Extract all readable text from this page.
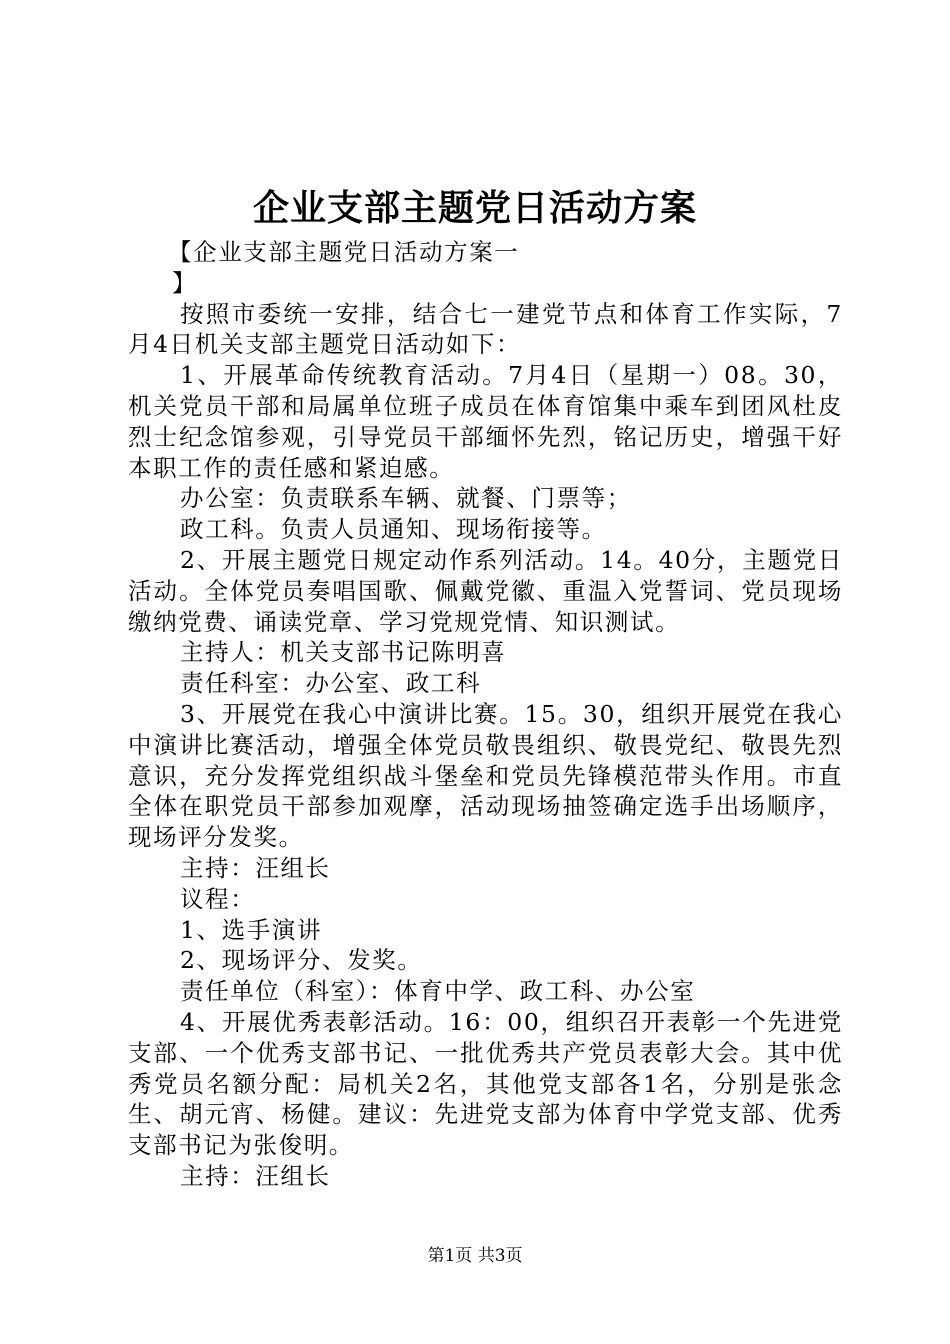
企业支部主题党日活动方案

【企业支部主题党日活动方案一

】

按照市委统一安排，结合七一建党节点和体育工作实际，7月4日机关支部主题党日活动如下：

1、开展革命传统教育活动。7月4日（星期一）08。30，机关党员干部和局属单位班子成员在体育馆集中乘车到团风杜皮烈士纪念馆参观，引导党员干部缅怀先烈，铭记历史，增强干好本职工作的责任感和紧迫感。

办公室：负责联系车辆、就餐、门票等；

政工科。负责人员通知、现场衔接等。

2、开展主题党日规定动作系列活动。14。40分，主题党日活动。全体党员奏唱国歌、佩戴党徽、重温入党誓词、党员现场缴纳党费、诵读党章、学习党规党情、知识测试。

主持人：机关支部书记陈明喜

责任科室：办公室、政工科

3、开展党在我心中演讲比赛。15。30，组织开展党在我心中演讲比赛活动，增强全体党员敬畏组织、敬畏党纪、敬畏先烈意识，充分发挥党组织战斗堡垒和党员先锋模范带头作用。市直全体在职党员干部参加观摩，活动现场抽签确定选手出场顺序，现场评分发奖。

主持：汪组长

议程：

1、选手演讲

2、现场评分、发奖。

责任单位（科室）：体育中学、政工科、办公室

4、开展优秀表彰活动。16：00，组织召开表彰一个先进党支部、一个优秀支部书记、一批优秀共产党员表彰大会。其中优秀党员名额分配：局机关2名，其他党支部各1名，分别是张念生、胡元宵、杨健。建议：先进党支部为体育中学党支部、优秀支部书记为张俊明。

主持：汪组长

第1页 共3页
